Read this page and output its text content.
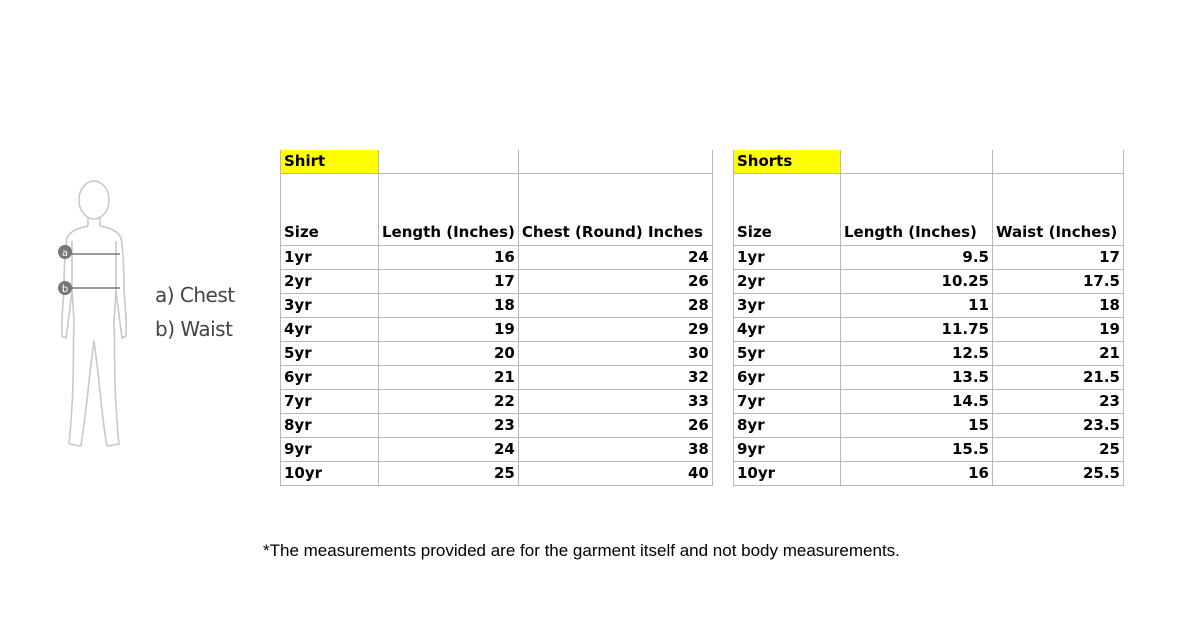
a
b	a) Chest
b) Waist
Shirt		
Size	Length (Inches)	Chest (Round) Inches
1yr	16	24
2yr	17	26
3yr	18	28
4yr	19	29
5yr	20	30
6yr	21	32
7yr	22	33
8yr	23	26
9yr	24	38
10yr	25	40
Shorts		
Size	Length (Inches)	Waist (Inches)
1yr	9.5	17
2yr	10.25	17.5
3yr	11	18
4yr	11.75	19
5yr	12.5	21
6yr	13.5	21.5
7yr	14.5	23
8yr	15	23.5
9yr	15.5	25
10yr	16	25.5
*The measurements provided are for the garment itself and not body measurements.
